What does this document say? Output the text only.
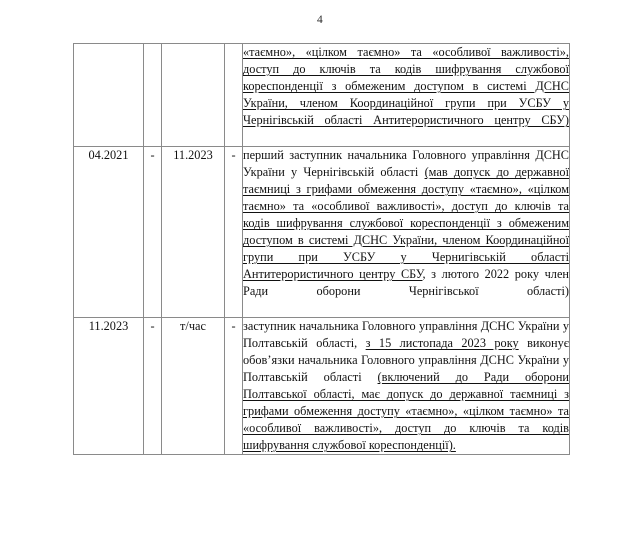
4

				«таємно», «цілком таємно» та «особливої важливості», доступ до ключів та кодів шифрування службової кореспонденції з обмеженим доступом в системі ДСНС України, членом Координаційної групи при УСБУ у Чернігівській області Антитерористичного центру СБУ)

04.2021	-	11.2023	-	перший заступник начальника Головного управління ДСНС України у Чернігівській області (мав допуск до державної таємниці з грифами обмеження доступу «таємно», «цілком таємно» та «особливої важливості», доступ до ключів та кодів шифрування службової кореспонденції з обмеженим доступом в системі ДСНС України, членом Координаційної групи при УСБУ у Чернигівській області Антитерористичного центру СБУ, з лютого 2022 року член Ради оборони Чернігівської області)

11.2023	-	т/час	-	заступник начальника Головного управління ДСНС України у Полтавській області, з 15 листопада 2023 року виконує обов’язки начальника Головного управління ДСНС України у Полтавській області (включений до Ради оборони Полтавської області, має допуск до державної таємниці з грифами обмеження доступу «таємно», «цілком таємно» та «особливої важливості», доступ до ключів та кодів шифрування службової кореспонденції).
